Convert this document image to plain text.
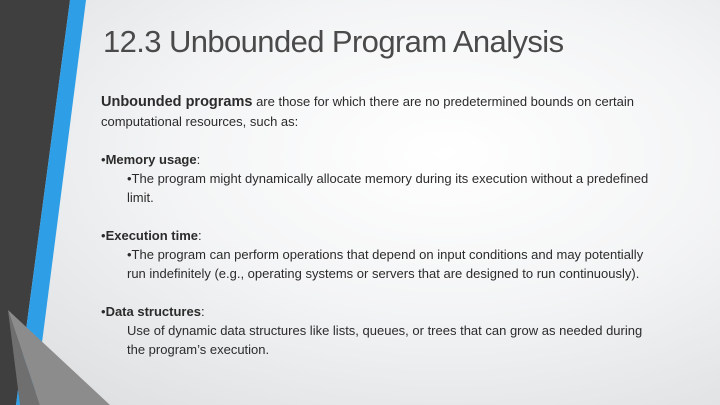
12.3 Unbounded Program Analysis

Unbounded programs are those for which there are no predetermined bounds on certain computational resources, such as:

•Memory usage:

•The program might dynamically allocate memory during its execution without a predefined limit.

•Execution time:

•The program can perform operations that depend on input conditions and may potentially run indefinitely (e.g., operating systems or servers that are designed to run continuously).

•Data structures:

Use of dynamic data structures like lists, queues, or trees that can grow as needed during the program’s execution.
